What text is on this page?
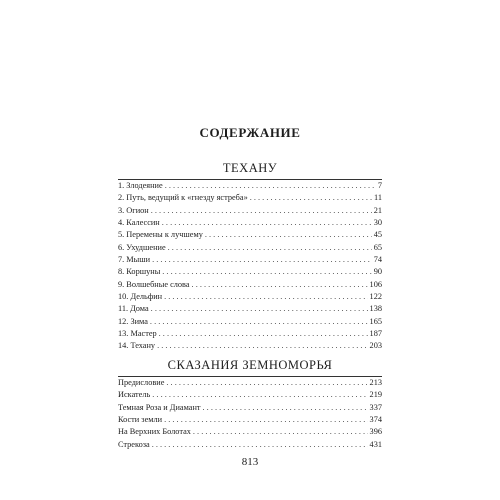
СОДЕРЖАНИЕ
ТЕХАНУ
1. Злодеяние . . .	7
2. Путь, ведущий к «гнезду ястреба» . . .	11
3. Огион . . .	21
4. Калессин . . .	30
5. Перемены к лучшему . . .	45
6. Ухудшение . . .	65
7. Мыши . . .	74
8. Коршуны . . .	90
9. Волшебные слова . . .	106
10. Дельфин . . .	122
11. Дома . . .	138
12. Зима . . .	165
13. Мастер . . .	187
14. Техану . . .	203
СКАЗАНИЯ ЗЕМНОМОРЬЯ
Предисловие . . .	213
Искатель . . .	219
Темная Роза и Диамант . . .	337
Кости земли . . .	374
На Верхних Болотах . . .	396
Стрекоза . . .	431
813
